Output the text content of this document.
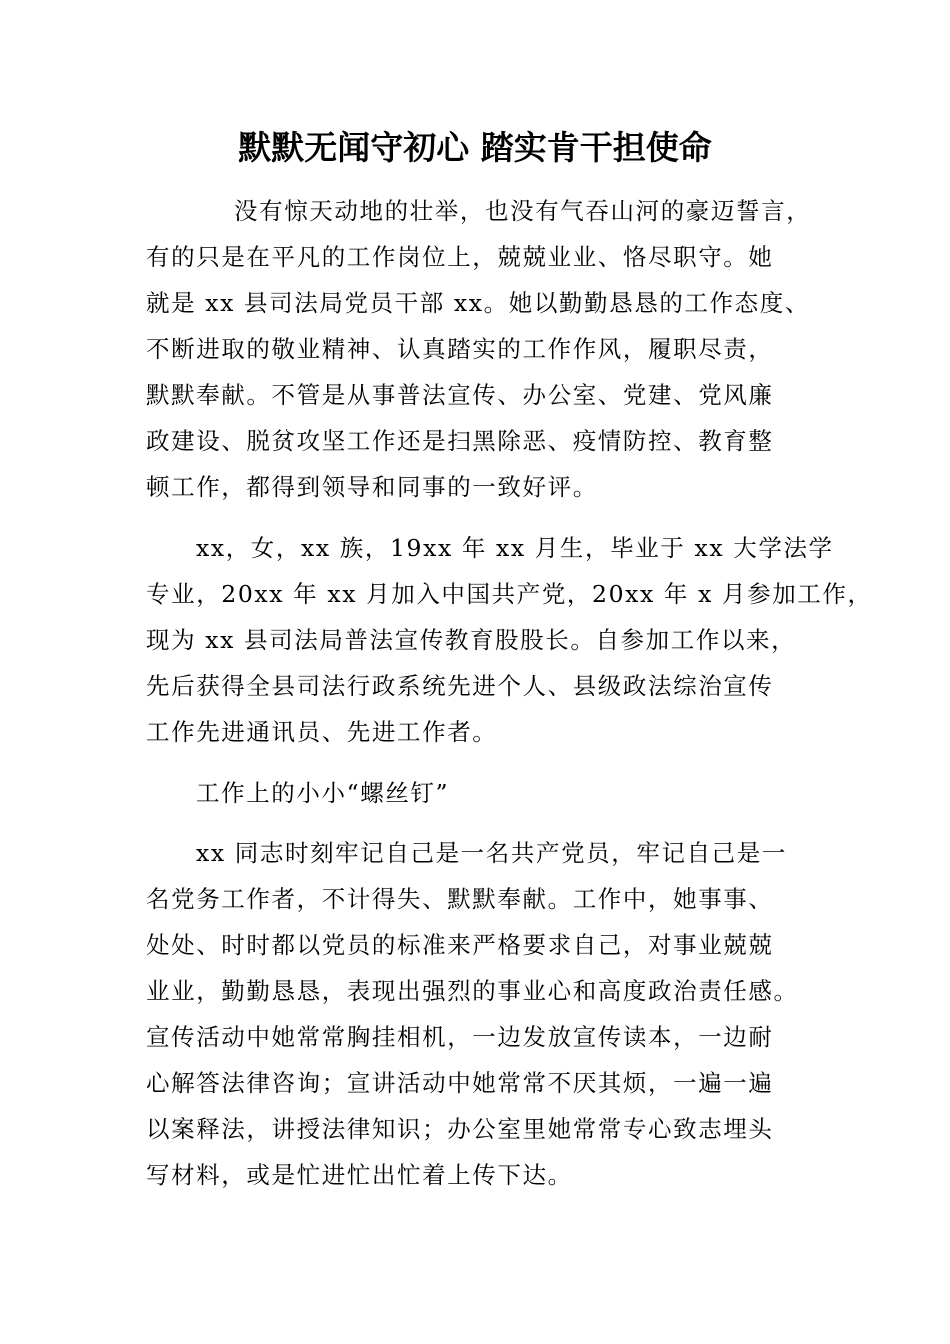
默默无闻守初心 踏实肯干担使命
没有惊天动地的壮举，也没有气吞山河的豪迈誓言，
有的只是在平凡的工作岗位上，兢兢业业、恪尽职守。她
就是 xx 县司法局党员干部 xx。她以勤勤恳恳的工作态度、
不断进取的敬业精神、认真踏实的工作作风，履职尽责，
默默奉献。不管是从事普法宣传、办公室、党建、党风廉
政建设、脱贫攻坚工作还是扫黑除恶、疫情防控、教育整
顿工作，都得到领导和同事的一致好评。
xx，女，xx 族，19xx 年 xx 月生，毕业于 xx 大学法学
专业，20xx 年 xx 月加入中国共产党，20xx 年 x 月参加工作，
现为 xx 县司法局普法宣传教育股股长。自参加工作以来，
先后获得全县司法行政系统先进个人、县级政法综治宣传
工作先进通讯员、先进工作者。
工作上的小小“螺丝钉”
xx 同志时刻牢记自己是一名共产党员，牢记自己是一
名党务工作者，不计得失、默默奉献。工作中，她事事、
处处、时时都以党员的标准来严格要求自己，对事业兢兢
业业，勤勤恳恳，表现出强烈的事业心和高度政治责任感。
宣传活动中她常常胸挂相机，一边发放宣传读本，一边耐
心解答法律咨询；宣讲活动中她常常不厌其烦，一遍一遍
以案释法，讲授法律知识；办公室里她常常专心致志埋头
写材料，或是忙进忙出忙着上传下达。
